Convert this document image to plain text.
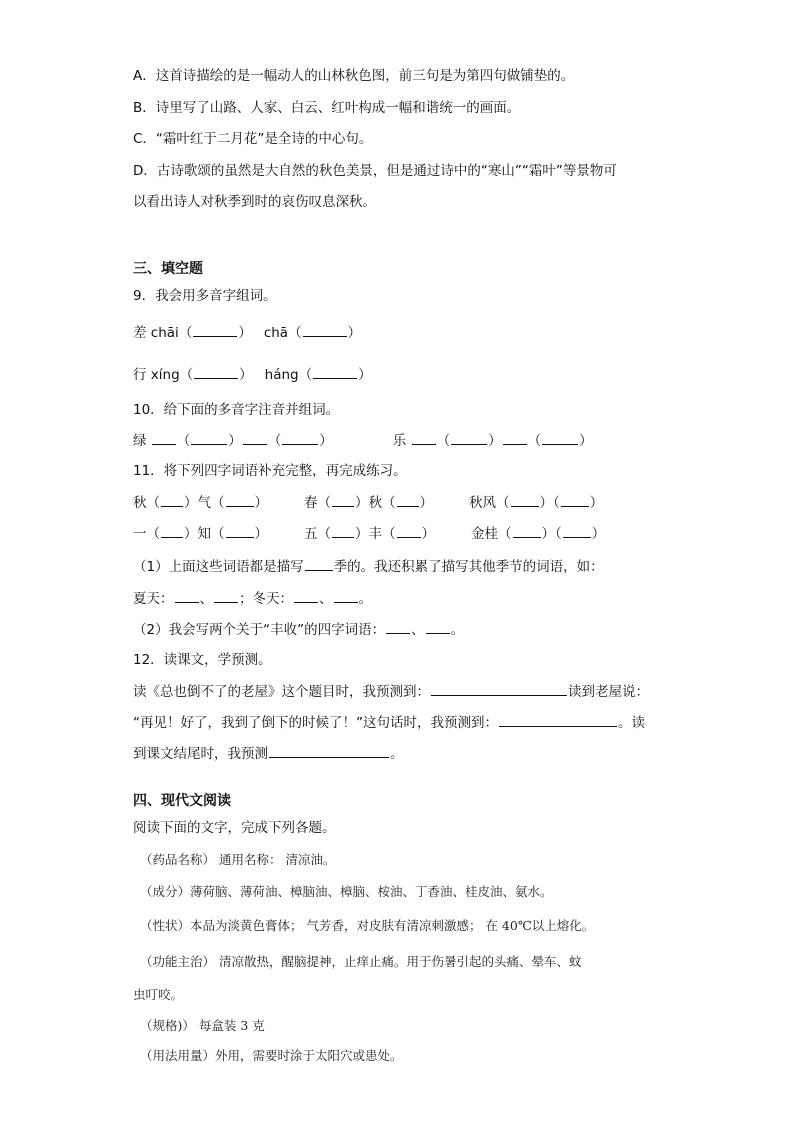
A．这首诗描绘的是一幅动人的山林秋色图，前三句是为第四句做铺垫的。
B．诗里写了山路、人家、白云、红叶构成一幅和谐统一的画面。
C．“霜叶红于二月花”是全诗的中心句。
D．古诗歌颂的虽然是大自然的秋色美景，但是通过诗中的“寒山”“霜叶”等景物可
以看出诗人对秋季到时的哀伤叹息深秋。
三、填空题
9．我会用多音字组词。
差 chāi（	） chā（	）
行 xíng（	） háng（	）
10．给下面的多音字注音并组词。
绿 （	） （	）	乐 （	） （	）
11．将下列四字词语补充完整，再完成练习。
秋（ ）气（ ）	春（ ）秋（ ）	秋风（ ）（ ）
一（ ）知（ ）	五（ ）丰（ ）	金桂（ ）（ ）
（1）上面这些词语都是描写 季的。我还积累了描写其他季节的词语，如：
夏天： 、 ；冬天： 、 。
（2）我会写两个关于“丰收”的四字词语： 、 。
12．读课文，学预测。
读《总也倒不了的老屋》这个题目时，我预测到：	读到老屋说：
“再见！好了，我到了倒下的时候了！”这句话时，我预测到：	。读
到课文结尾时，我预测	。
四、现代文阅读
阅读下面的文字，完成下列各题。
（药品名称） 通用名称： 清凉油。
（成分）薄荷脑、薄荷油、樟脑油、樟脑、桉油、丁香油、桂皮油、氨水。
（性状）本品为淡黄色膏体； 气芳香，对皮肤有清凉刺激感； 在 40℃以上熔化。
（功能主治） 清凉散热，醒脑提神，止痒止痛。用于伤暑引起的头痛、晕车、蚊
虫叮咬。
（规格)） 每盒装 3 克
（用法用量）外用，需要时涂于太阳穴或患处。
